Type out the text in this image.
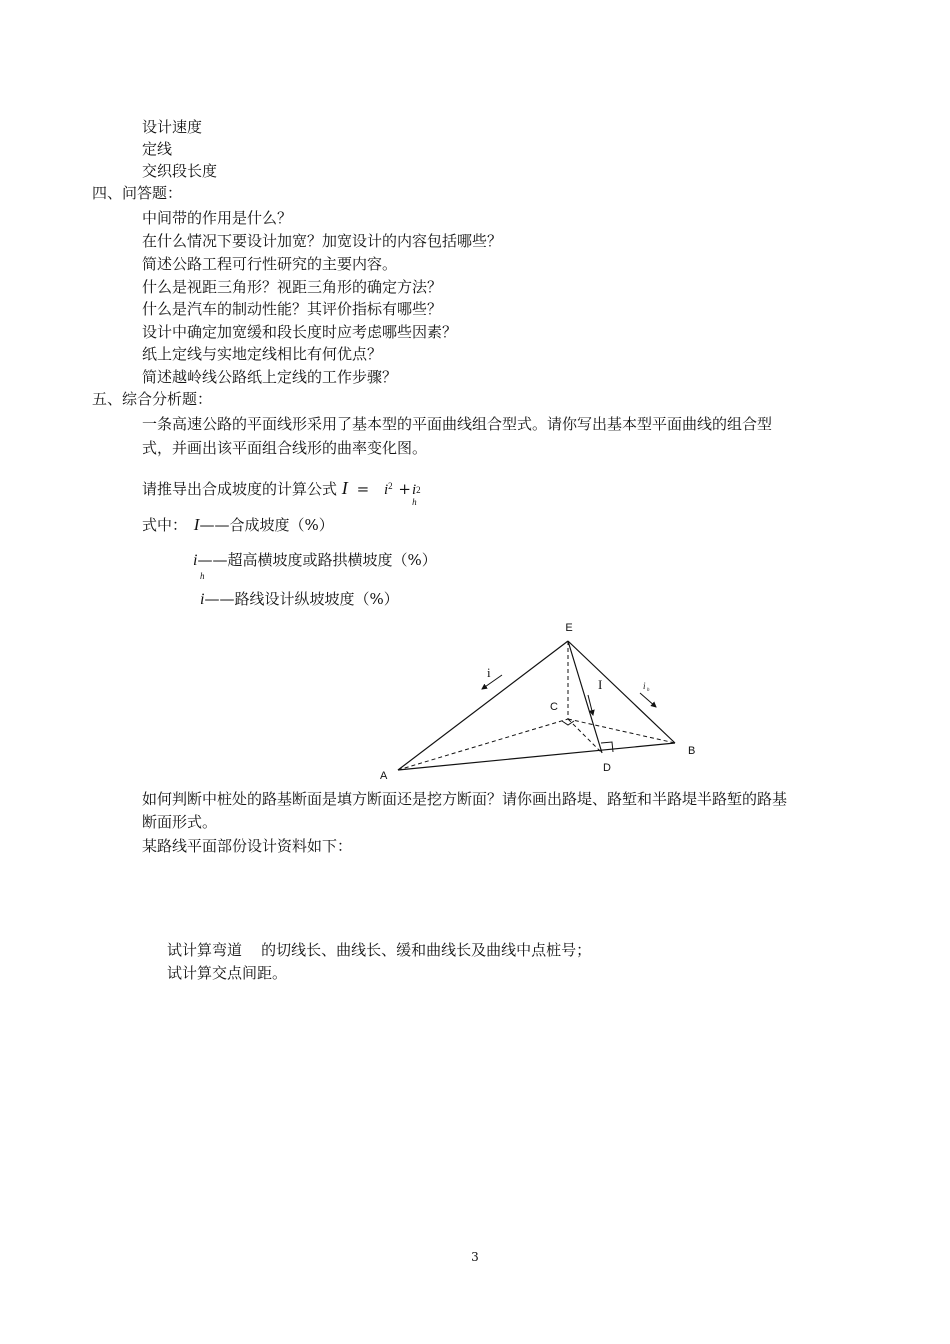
设计速度
定线
交织段长度
四、问答题：
中间带的作用是什么？
在什么情况下要设计加宽？加宽设计的内容包括哪些？
简述公路工程可行性研究的主要内容。
什么是视距三角形？视距三角形的确定方法？
什么是汽车的制动性能？其评价指标有哪些？
设计中确定加宽缓和段长度时应考虑哪些因素？
纸上定线与实地定线相比有何优点？
简述越岭线公路纸上定线的工作步骤？
五、综合分析题：
一条高速公路的平面线形采用了基本型的平面曲线组合型式。请你写出基本型平面曲线的组合型
式，并画出该平面组合线形的曲率变化图。
请推导出合成坡度的计算公式 $I = i^2 +i$ 2
h
式中： I——合成坡度（%）
i
h
——超高横坡度或路拱横坡度（%）
i——路线设计纵坡坡度（%）
E
C
A
B
D
i
I	i h
如何判断中桩处的路基断面是填方断面还是挖方断面？请你画出路堤、路堑和半路堤半路堑的路基
断面形式。
某路线平面部份设计资料如下：
试计算弯道    的切线长、曲线长、缓和曲线长及曲线中点桩号；
试计算交点间距。
3
